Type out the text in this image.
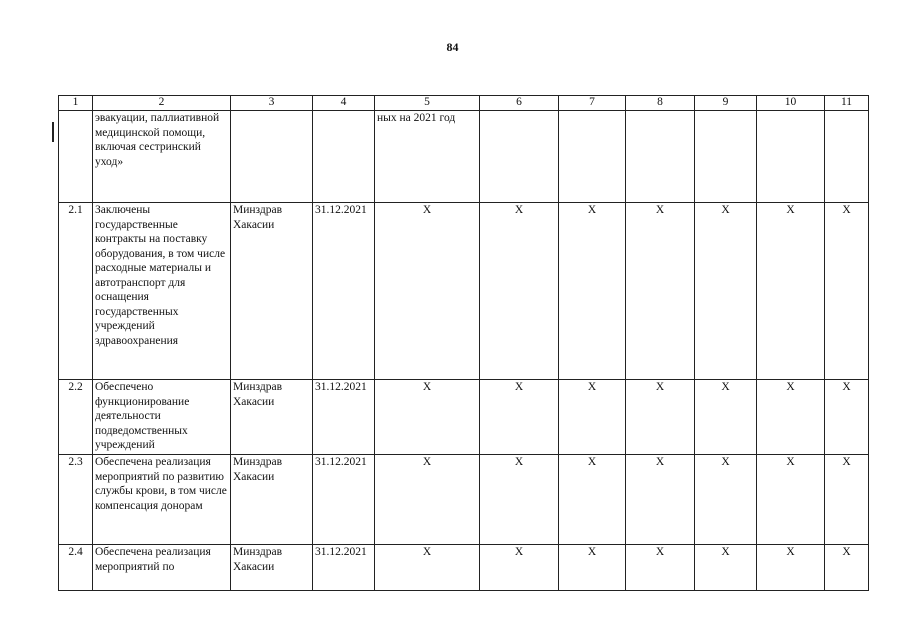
84
1	2	3	4	5	6	7	8	9	10	11
	эвакуации, паллиативной медицинской помощи, включая сестринский уход»			ных на 2021 год						
2.1	Заключены государственные контракты на поставку оборудования, в том числе расходные материалы и автотранспорт для оснащения государственных учреждений здравоохранения	Минздрав Хакасии	31.12.2021	X	X	X	X	X	X	X
2.2	Обеспечено функционирование деятельности подведомственных учреждений	Минздрав Хакасии	31.12.2021	X	X	X	X	X	X	X
2.3	Обеспечена реализация мероприятий по развитию службы крови, в том числе компенсация донорам	Минздрав Хакасии	31.12.2021	X	X	X	X	X	X	X
2.4	Обеспечена реализация мероприятий по	Минздрав Хакасии	31.12.2021	X	X	X	X	X	X	X
